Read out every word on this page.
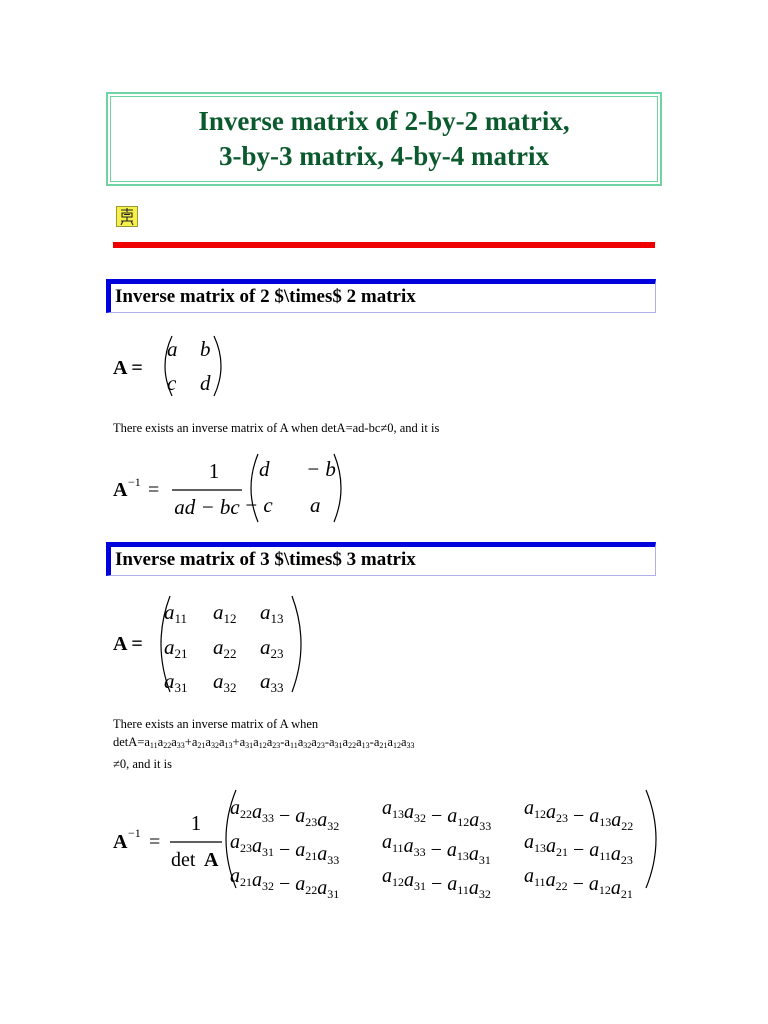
Inverse matrix of 2-by-2 matrix, 3-by-3 matrix, 4-by-4 matrix
Inverse matrix of 2 $\times$ 2 matrix
A =
a b
c d
There exists an inverse matrix of A when detA=ad-bc≠0, and it is
A −1 =
1
ad − bc
d − b
− c a
Inverse matrix of 3 $\times$ 3 matrix
A =
a11 a12 a13
a21 a22 a23
a31 a32 a33
There exists an inverse matrix of A when
$\det A=a_{11}a_{22}a_{33}+a_{21}a_{32}a_{13}+a_{31}a_{12}a_{23}-a_{11}a_{32}a_{23}-a_{31}a_{22}a_{13}-a_{21}a_{12}a_{33}$
≠0, and it is
A −1 =
1
det A
$a_{22}a_{33} - a_{23}a_{32}$
$a_{13}a_{32} - a_{12}a_{33}$
$a_{12}a_{23} - a_{13}a_{22}$
$a_{23}a_{31} - a_{21}a_{33}$
$a_{11}a_{33} - a_{13}a_{31}$
$a_{13}a_{21} - a_{11}a_{23}$
$a_{21}a_{32} - a_{22}a_{31}$
$a_{12}a_{31} - a_{11}a_{32}$
$a_{11}a_{22} - a_{12}a_{21}$
